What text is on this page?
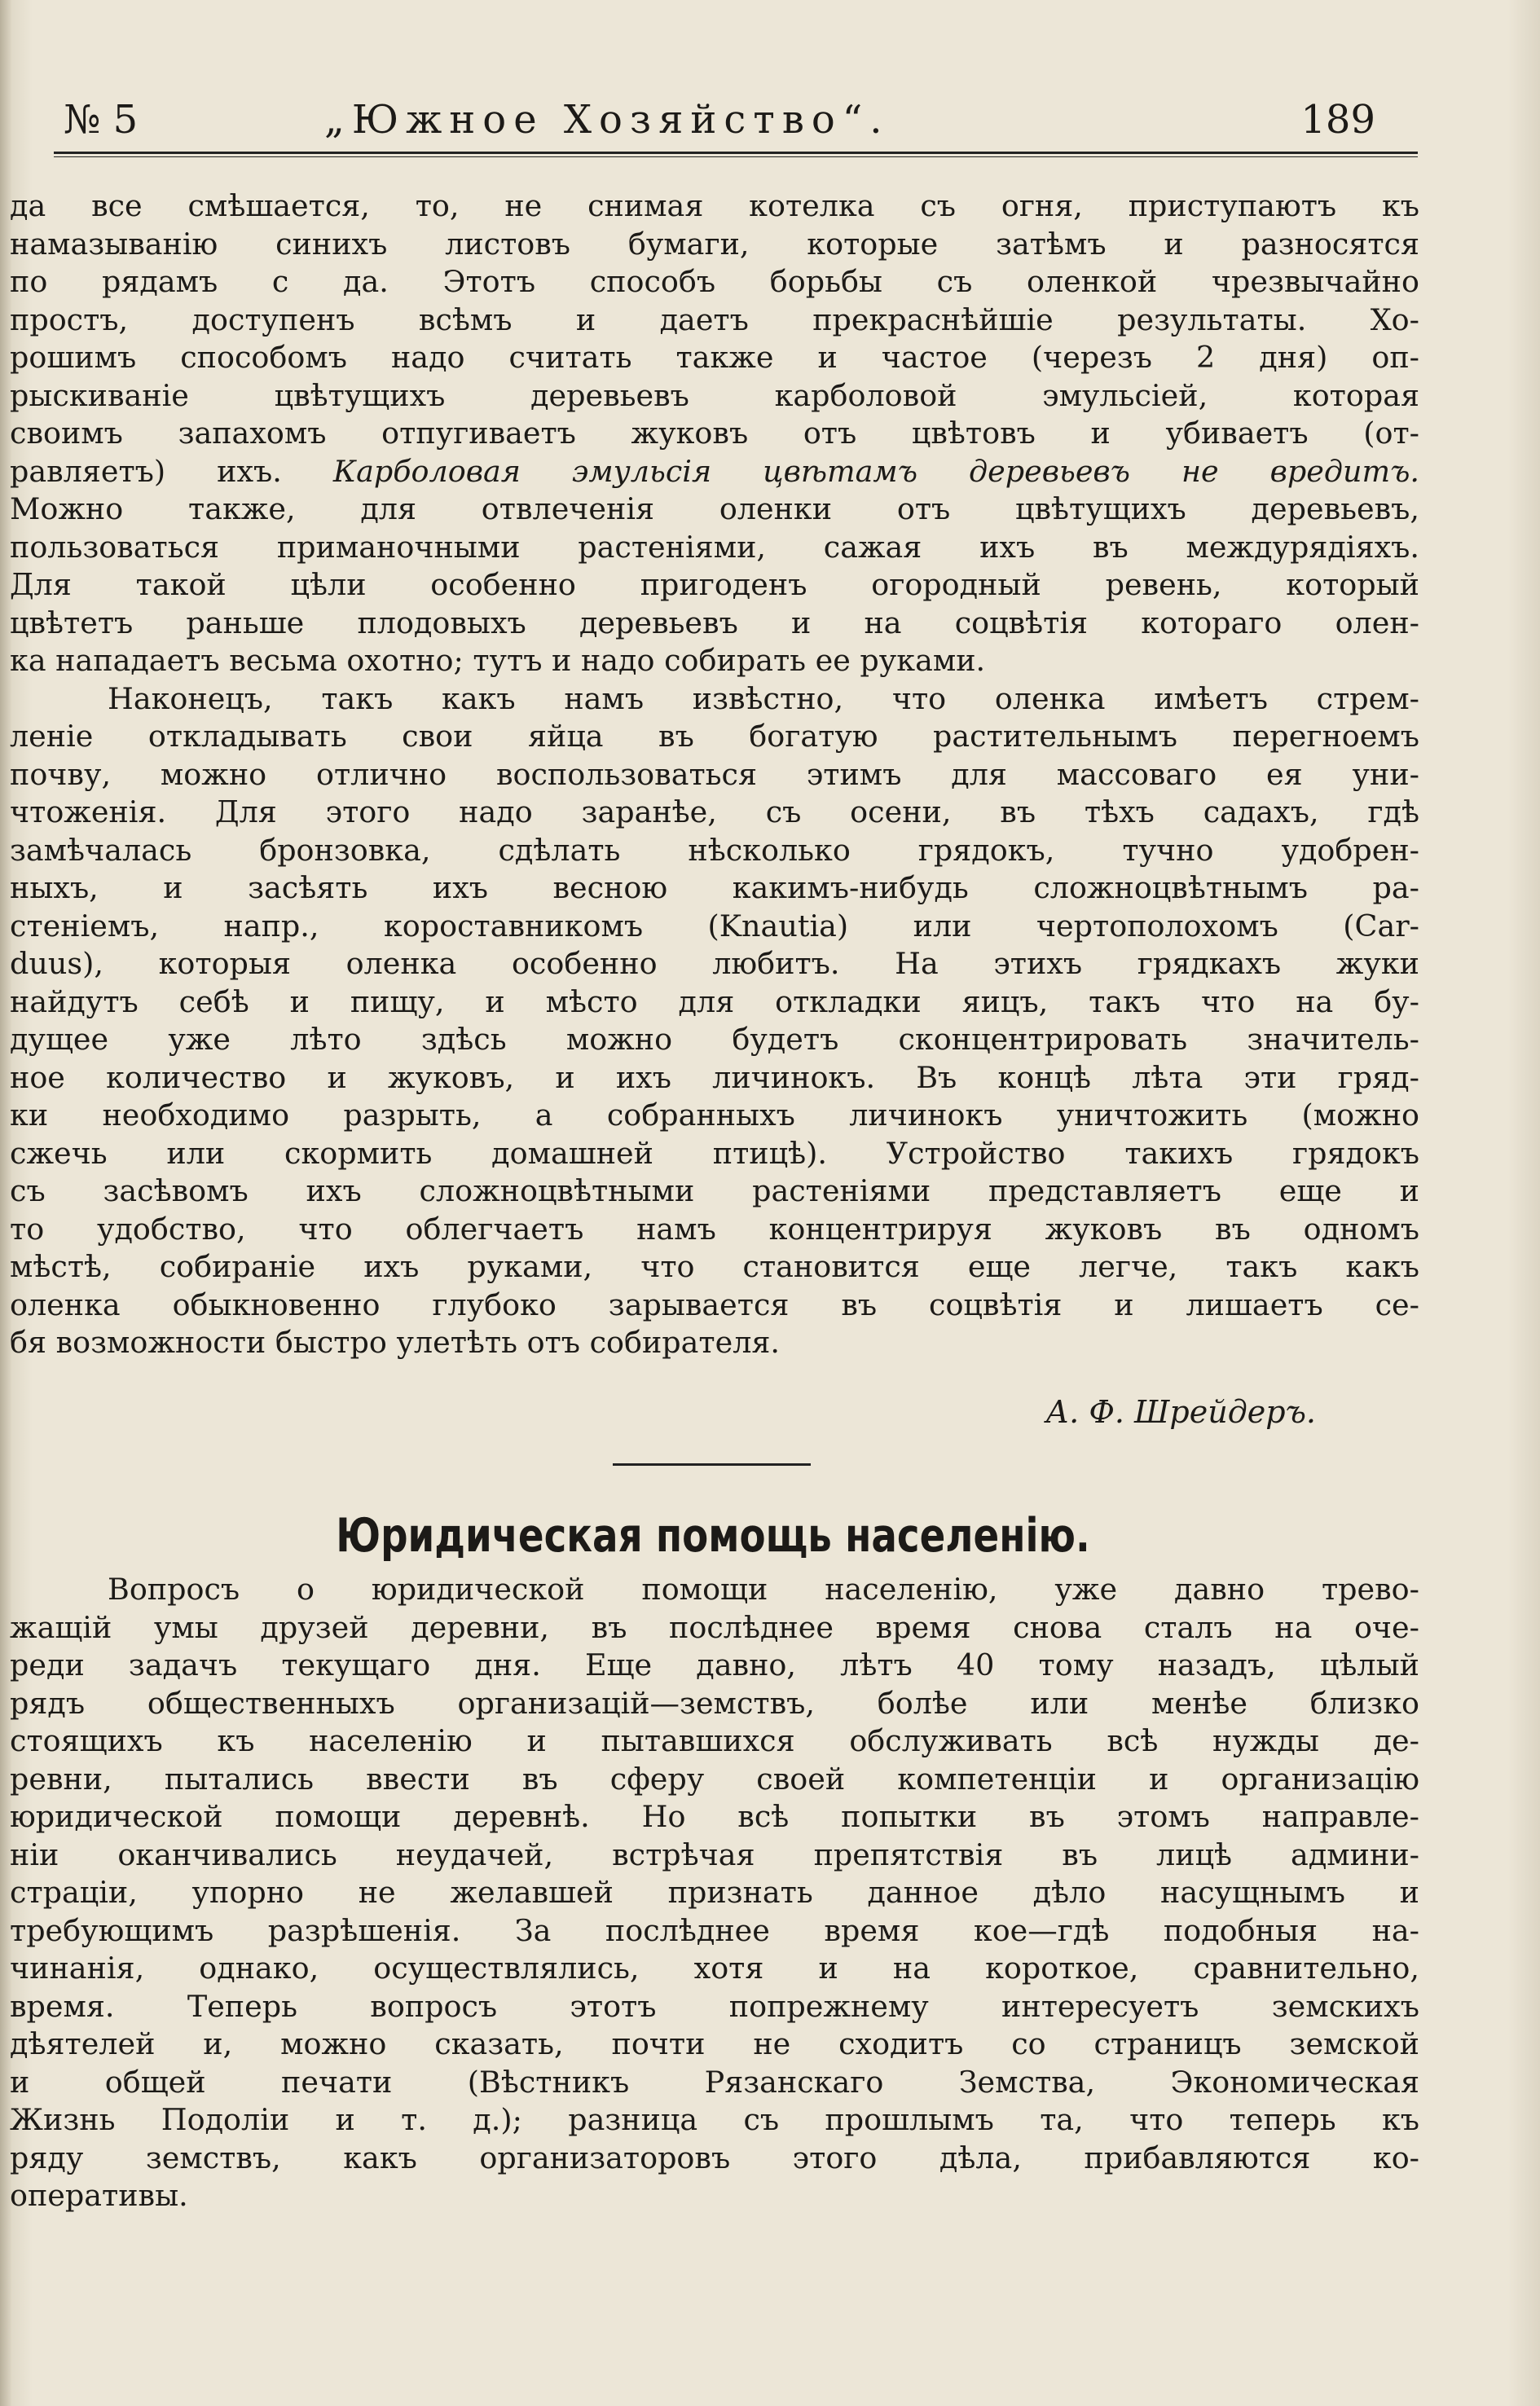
№ 5	„Южное Хозяйство“.	189
да все смѣшается, то, не снимая котелка съ огня, приступаютъ къ
намазыванію синихъ листовъ бумаги, которые затѣмъ и разносятся
по рядамъ с да. Этотъ способъ борьбы съ оленкой чрезвычайно
простъ, доступенъ всѣмъ и даетъ прекраснѣйшіе результаты. Хо-
рошимъ способомъ надо считать также и частое (черезъ 2 дня) оп-
рыскиваніе цвѣтущихъ деревьевъ карболовой эмульсіей, которая
своимъ запахомъ отпугиваетъ жуковъ отъ цвѣтовъ и убиваетъ (от-
равляетъ) ихъ. Карболовая эмульсія цвѣтамъ деревьевъ не вредитъ.
Можно также, для отвлеченія оленки отъ цвѣтущихъ деревьевъ,
пользоваться приманочными растеніями, сажая ихъ въ междурядіяхъ.
Для такой цѣли особенно пригоденъ огородный ревень, который
цвѣтетъ раньше плодовыхъ деревьевъ и на соцвѣтія котораго олен-
ка нападаетъ весьма охотно; тутъ и надо собирать ее руками.
Наконецъ, такъ какъ намъ извѣстно, что оленка имѣетъ стрем-
леніе откладывать свои яйца въ богатую растительнымъ перегноемъ
почву, можно отлично воспользоваться этимъ для массоваго ея уни-
чтоженія. Для этого надо заранѣе, съ осени, въ тѣхъ садахъ, гдѣ
замѣчалась бронзовка, сдѣлать нѣсколько грядокъ, тучно удобрен-
ныхъ, и засѣять ихъ весною какимъ-нибудь сложноцвѣтнымъ ра-
стеніемъ, напр., короставникомъ (Knautia) или чертополохомъ (Car-
duus), которыя оленка особенно любитъ. На этихъ грядкахъ жуки
найдутъ себѣ и пищу, и мѣсто для откладки яицъ, такъ что на бу-
дущее уже лѣто здѣсь можно будетъ сконцентрировать значитель-
ное количество и жуковъ, и ихъ личинокъ. Въ концѣ лѣта эти гряд-
ки необходимо разрыть, а собранныхъ личинокъ уничтожить (можно
сжечь или скормить домашней птицѣ). Устройство такихъ грядокъ
съ засѣвомъ ихъ сложноцвѣтными растеніями представляетъ еще и
то удобство, что облегчаетъ намъ концентрируя жуковъ въ одномъ
мѣстѣ, собираніе ихъ руками, что становится еще легче, такъ какъ
оленка обыкновенно глубоко зарывается въ соцвѣтія и лишаетъ се-
бя возможности быстро улетѣть отъ собирателя.
А. Ф. Шрейдеръ.
Юридическая помощь населенію.
Вопросъ о юридической помощи населенію, уже давно трево-
жащій умы друзей деревни, въ послѣднее время снова сталъ на оче-
реди задачъ текущаго дня. Еще давно, лѣтъ 40 тому назадъ, цѣлый
рядъ общественныхъ организацій—земствъ, болѣе или менѣе близко
стоящихъ къ населенію и пытавшихся обслуживать всѣ нужды де-
ревни, пытались ввести въ сферу своей компетенціи и организацію
юридической помощи деревнѣ. Но всѣ попытки въ этомъ направле-
ніи оканчивались неудачей, встрѣчая препятствія въ лицѣ админи-
страціи, упорно не желавшей признать данное дѣло насущнымъ и
требующимъ разрѣшенія. За послѣднее время кое—гдѣ подобныя на-
чинанія, однако, осуществлялись, хотя и на короткое, сравнительно,
время. Теперь вопросъ этотъ попрежнему интересуетъ земскихъ
дѣятелей и, можно сказать, почти не сходитъ со страницъ земской
и общей печати (Вѣстникъ Рязанскаго Земства, Экономическая
Жизнь Подоліи и т. д.); разница съ прошлымъ та, что теперь къ
ряду земствъ, какъ организаторовъ этого дѣла, прибавляются ко-
оперативы.
